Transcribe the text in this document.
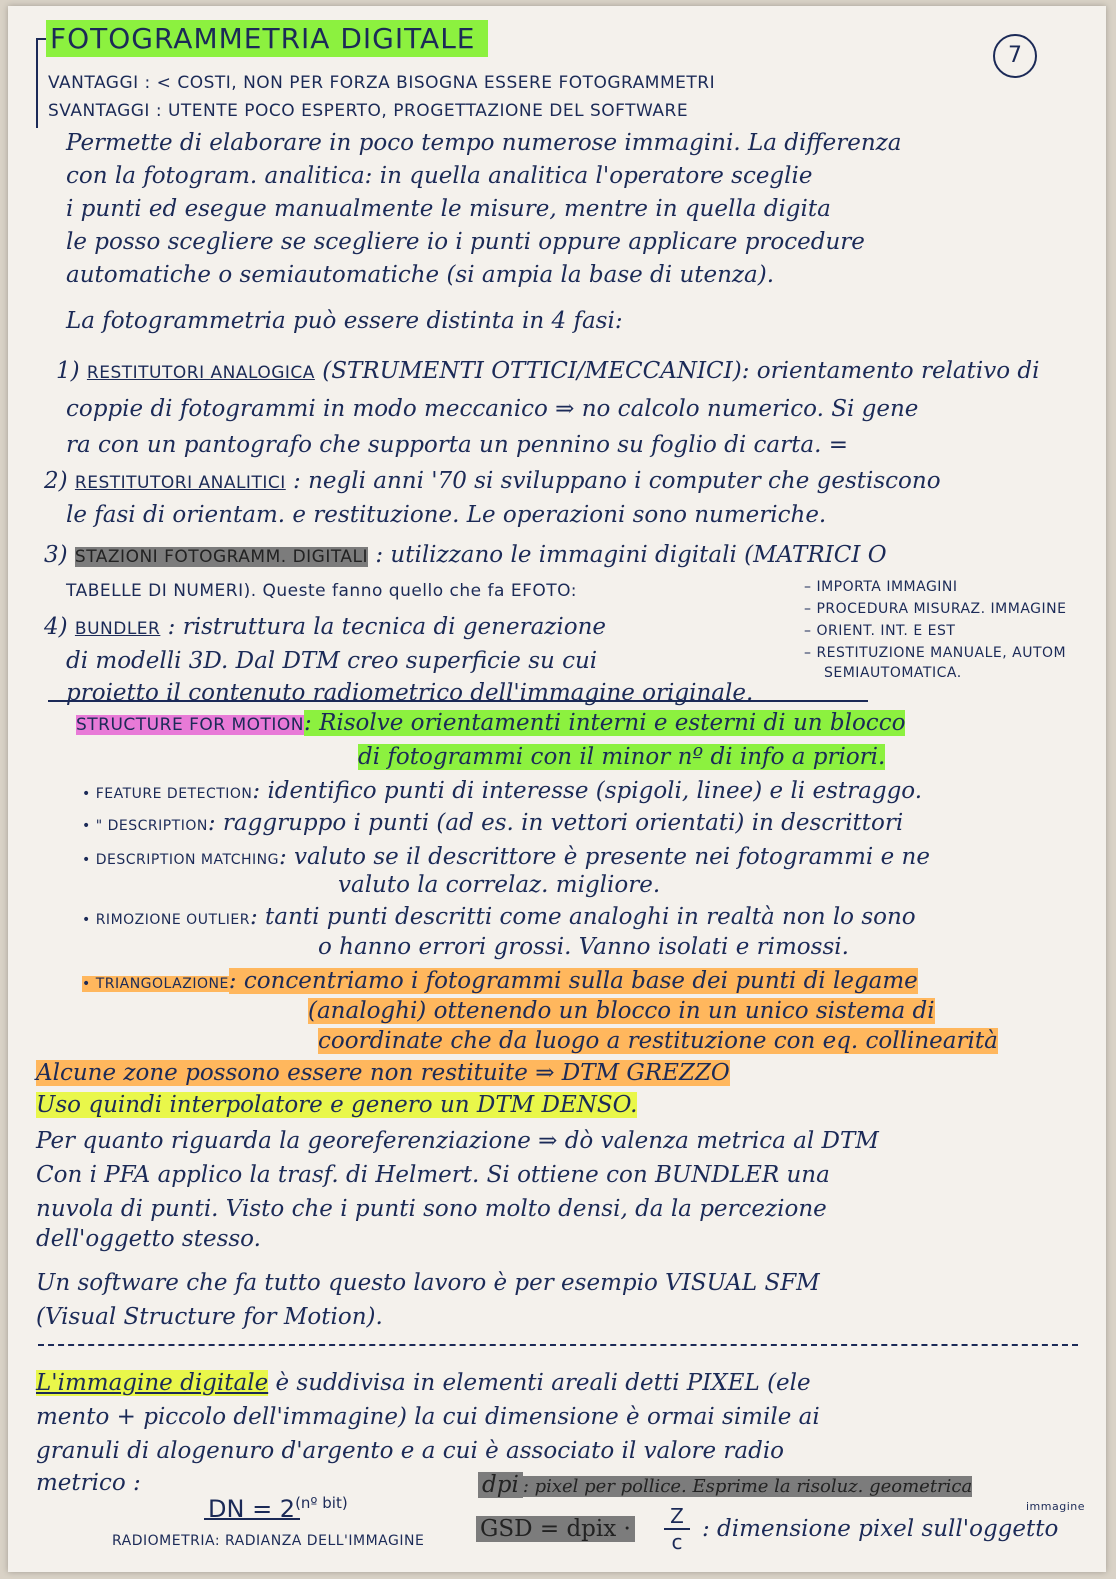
FOTOGRAMMETRIA DIGITALE
7
VANTAGGI : < COSTI, NON PER FORZA BISOGNA ESSERE FOTOGRAMMETRI
SVANTAGGI : UTENTE POCO ESPERTO, PROGETTAZIONE DEL SOFTWARE
Permette di elaborare in poco tempo numerose immagini. La differenza
con la fotogram. analitica: in quella analitica l'operatore sceglie
i punti ed esegue manualmente le misure, mentre in quella digita
le posso scegliere se scegliere io i punti oppure applicare procedure
automatiche o semiautomatiche (si ampia la base di utenza).
La fotogrammetria può essere distinta in 4 fasi:
1) RESTITUTORI ANALOGICA (STRUMENTI OTTICI/MECCANICI): orientamento relativo di
coppie di fotogrammi in modo meccanico ⇒ no calcolo numerico. Si gene
ra con un pantografo che supporta un pennino su foglio di carta. =
2) RESTITUTORI ANALITICI : negli anni '70 si sviluppano i computer che gestiscono
le fasi di orientam. e restituzione. Le operazioni sono numeriche.
3) STAZIONI FOTOGRAMM. DIGITALI : utilizzano le immagini digitali (MATRICI O
TABELLE DI NUMERI). Queste fanno quello che fa EFOTO:	– IMPORTA IMMAGINI
– PROCEDURA MISURAZ. IMMAGINE
– ORIENT. INT. E EST
– RESTITUZIONE MANUALE, AUTOM
SEMIAUTOMATICA.
4) BUNDLER : ristruttura la tecnica di generazione
di modelli 3D. Dal DTM creo superficie su cui
proietto il contenuto radiometrico dell'immagine originale.
STRUCTURE FOR MOTION: Risolve orientamenti interni e esterni di un blocco
di fotogrammi con il minor nº di info a priori.
• FEATURE DETECTION: identifico punti di interesse (spigoli, linee) e li estraggo.
• " DESCRIPTION: raggruppo i punti (ad es. in vettori orientati) in descrittori
• DESCRIPTION MATCHING: valuto se il descrittore è presente nei fotogrammi e ne
valuto la correlaz. migliore.
• RIMOZIONE OUTLIER: tanti punti descritti come analoghi in realtà non lo sono
o hanno errori grossi. Vanno isolati e rimossi.
• TRIANGOLAZIONE: concentriamo i fotogrammi sulla base dei punti di legame
(analoghi) ottenendo un blocco in un unico sistema di
coordinate che da luogo a restituzione con eq. collinearità
Alcune zone possono essere non restituite ⇒ DTM GREZZO
Uso quindi interpolatore e genero un DTM DENSO.
Per quanto riguarda la georeferenziazione ⇒ dò valenza metrica al DTM
Con i PFA applico la trasf. di Helmert. Si ottiene con BUNDLER una
nuvola di punti. Visto che i punti sono molto densi, da la percezione
dell'oggetto stesso.
Un software che fa tutto questo lavoro è per esempio VISUAL SFM
(Visual Structure for Motion).
L'immagine digitale è suddivisa in elementi areali detti PIXEL (ele
mento + piccolo dell'immagine) la cui dimensione è ormai simile ai
granuli di alogenuro d'argento e a cui è associato il valore radio
metrico :
DN = $2^{(nº bit)}$
RADIOMETRIA: RADIANZA DELL'IMMAGINE
dpi : pixel per pollice. Esprime la risoluz. geometrica
immagine
GSD = dpix · $\frac{Z}{c}$ : dimensione pixel sull'oggetto
